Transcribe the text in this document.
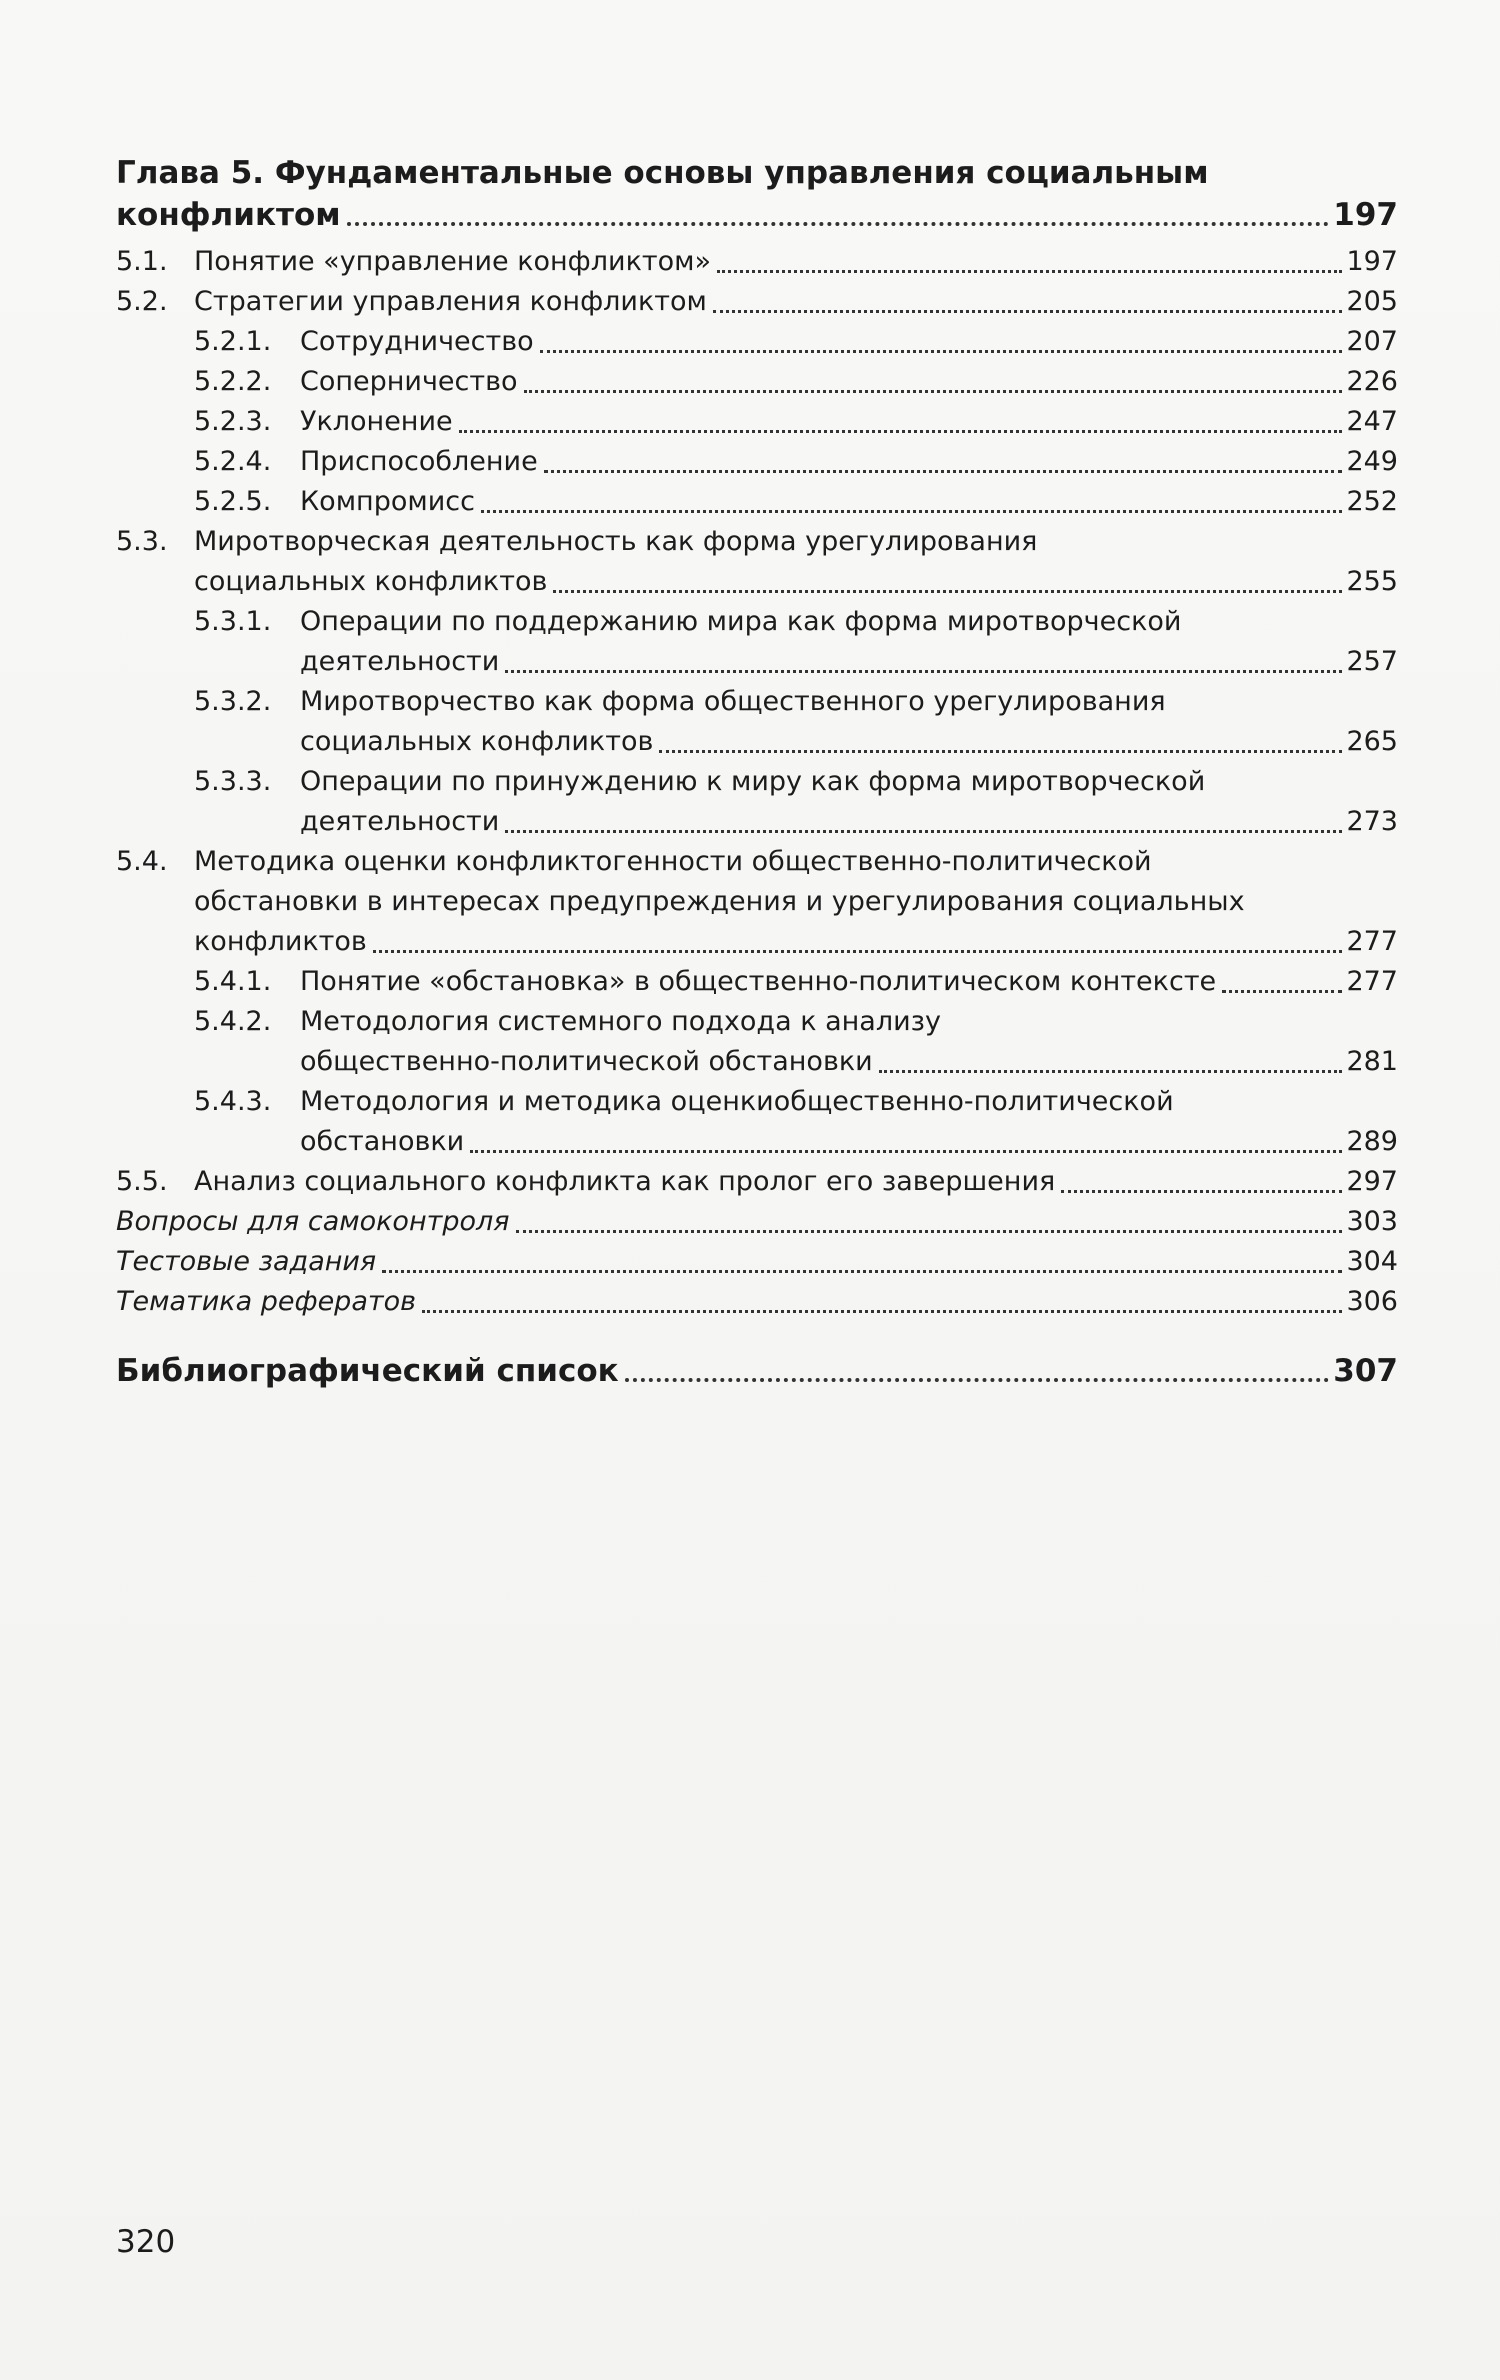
Глава 5. Фундаментальные основы управления социальным
конфликтом	197
5.1. Понятие «управление конфликтом»	197
5.2. Стратегии управления конфликтом	205
5.2.1.	Сотрудничество	207
5.2.2.	Соперничество	226
5.2.3.	Уклонение	247
5.2.4.	Приспособление	249
5.2.5.	Компромисс	252
5.3. Миротворческая деятельность как форма урегулирования
социальных конфликтов	255
5.3.1.	Операции по поддержанию мира как форма миротворческой
деятельности	257
5.3.2.	Миротворчество как форма общественного урегулирования
социальных конфликтов	265
5.3.3.	Операции по принуждению к миру как форма миротворческой
деятельности	273
5.4. Методика оценки конфликтогенности общественно-политической
обстановки в интересах предупреждения и урегулирования социальных
конфликтов	277
5.4.1.	Понятие «обстановка» в общественно-политическом контексте	277
5.4.2.	Методология системного подхода к анализу
общественно-политической обстановки	281
5.4.3.	Методология и методика оценкиобщественно-политической
обстановки	289
5.5. Анализ социального конфликта как пролог его завершения	297
Вопросы для самоконтроля	303
Тестовые задания	304
Тематика рефератов	306
Библиографический список	307
320
